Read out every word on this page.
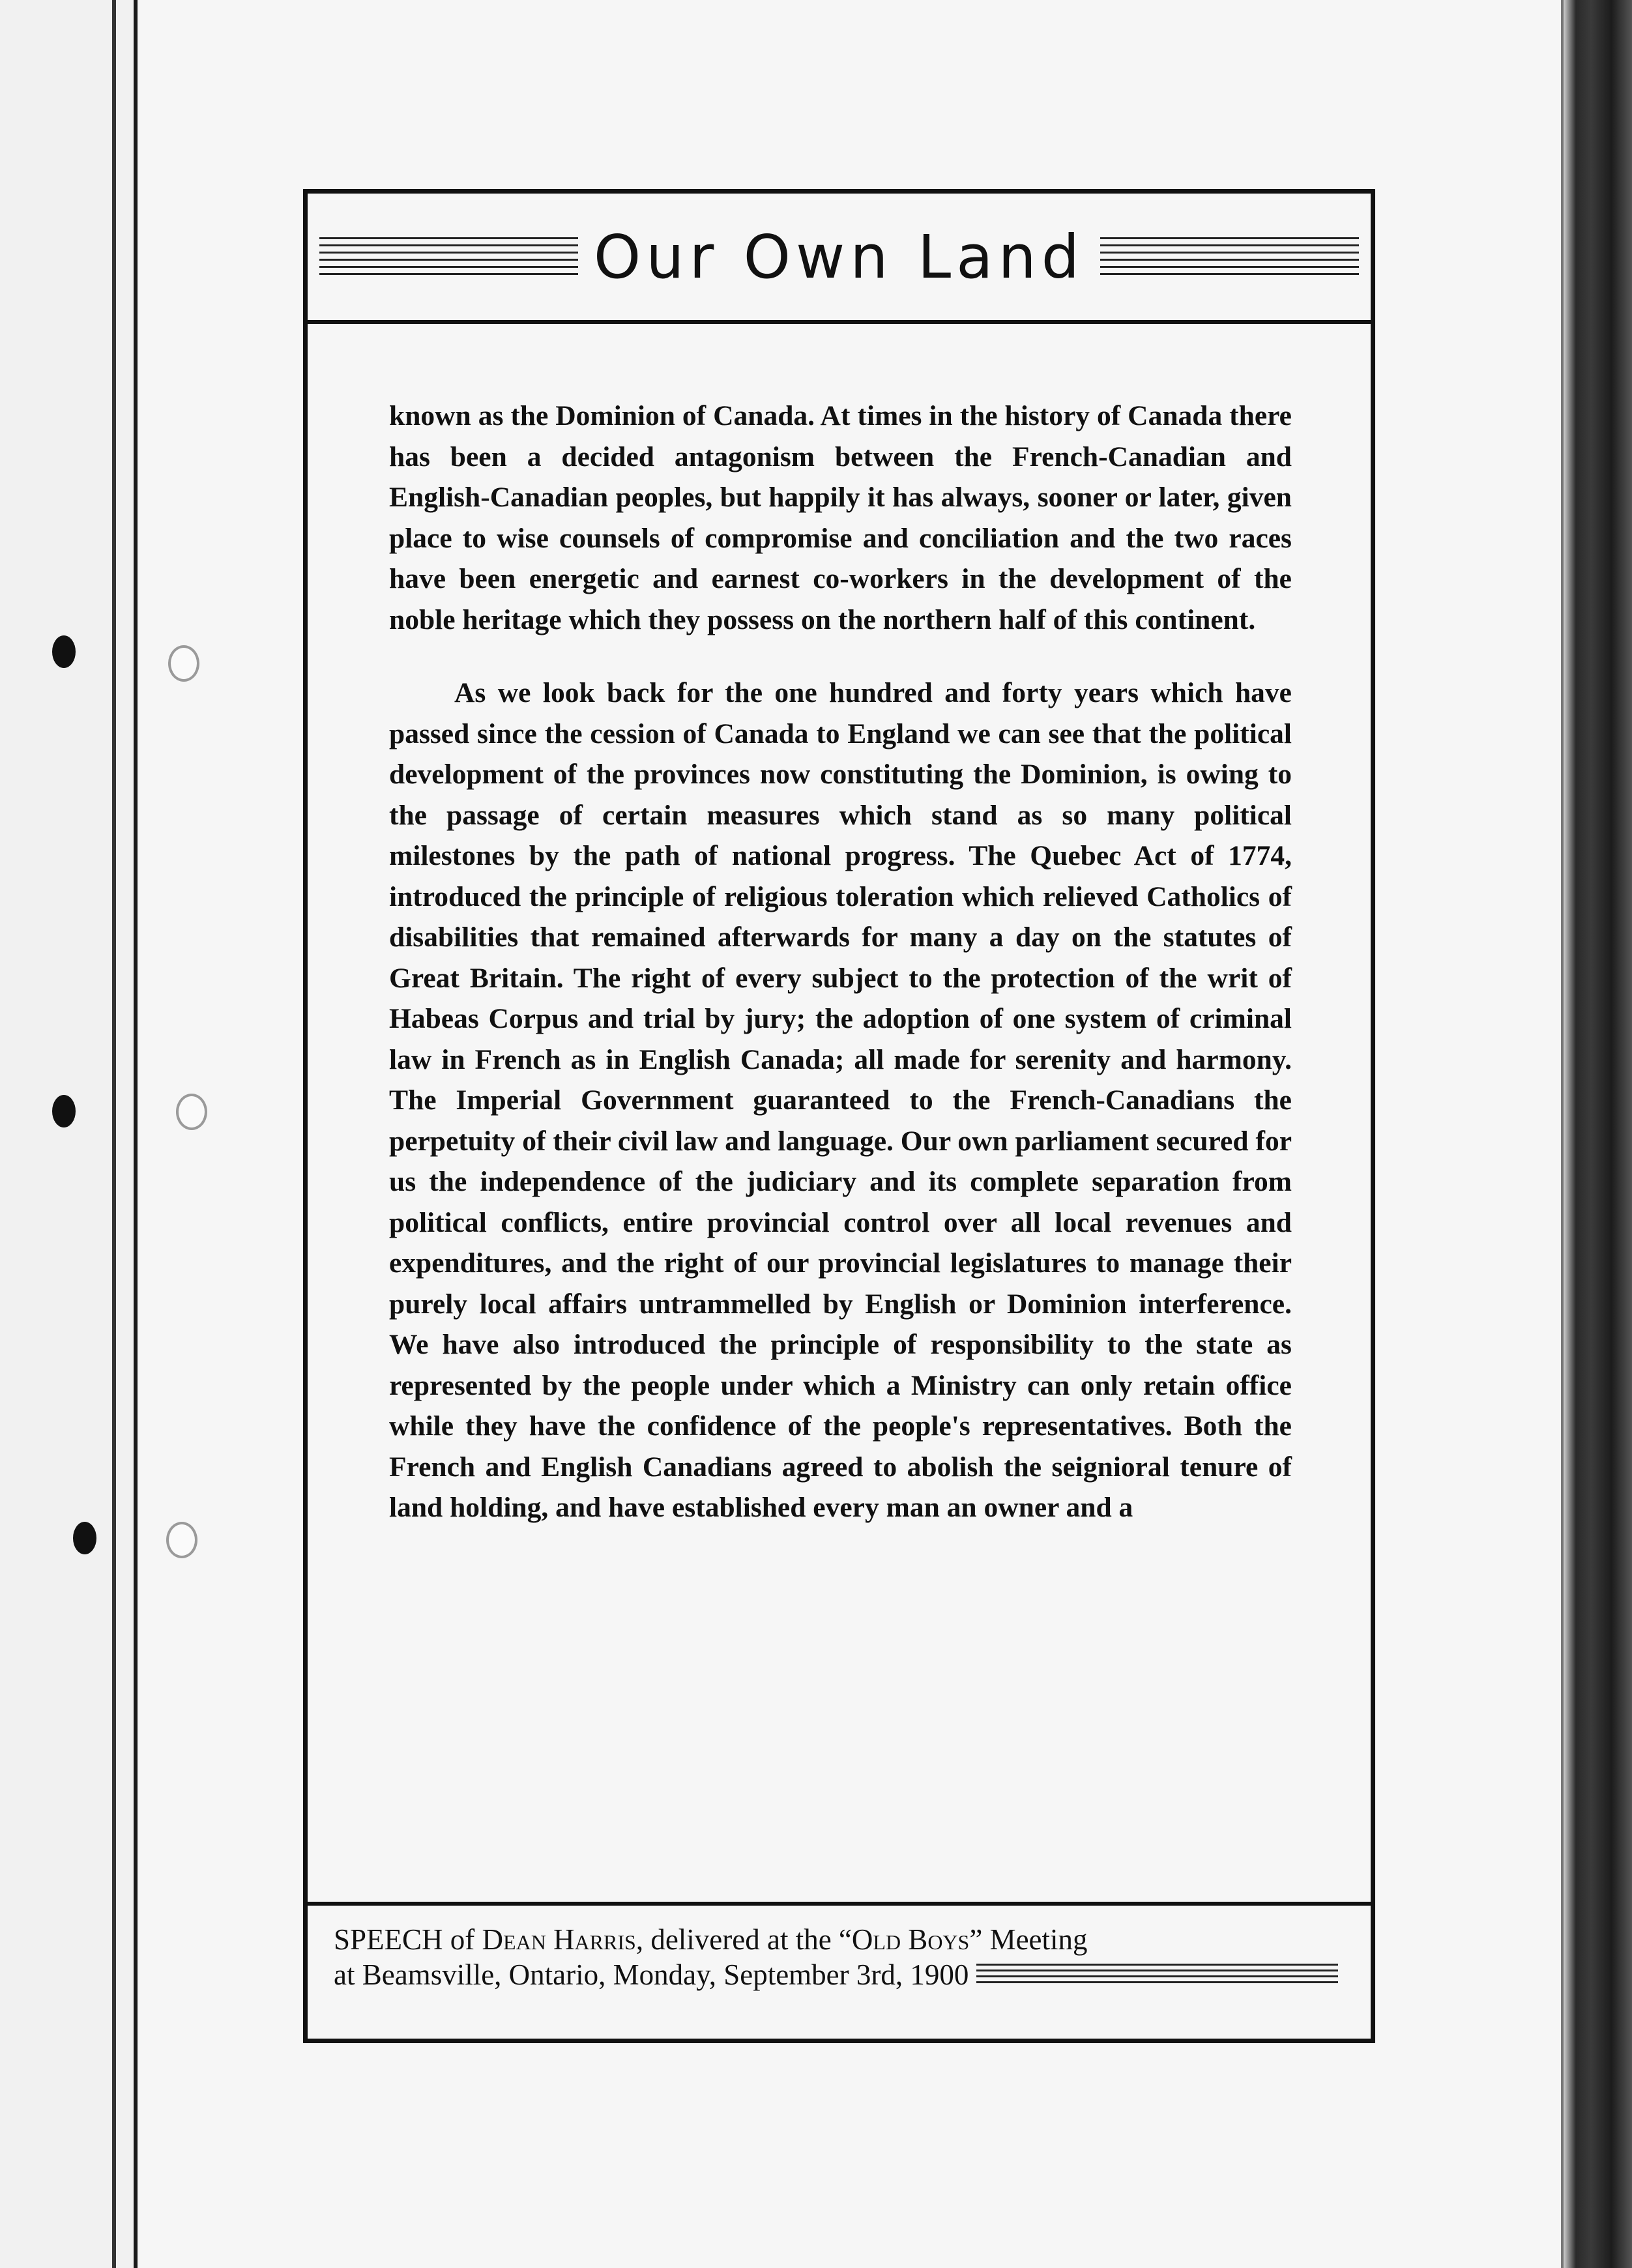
Our Own Land

known as the Dominion of Canada. At times in the history of Canada there has been a decided antagonism between the French-Canadian and English-Canadian peoples, but happily it has always, sooner or later, given place to wise counsels of compromise and conciliation and the two races have been energetic and earnest co-workers in the development of the noble heritage which they possess on the northern half of this continent.

As we look back for the one hundred and forty years which have passed since the cession of Canada to England we can see that the political development of the provinces now constituting the Dominion, is owing to the passage of certain measures which stand as so many political milestones by the path of national progress. The Quebec Act of 1774, introduced the principle of religious toleration which relieved Catholics of disabilities that remained afterwards for many a day on the statutes of Great Britain. The right of every subject to the protection of the writ of Habeas Corpus and trial by jury; the adoption of one system of criminal law in French as in English Canada; all made for serenity and harmony. The Imperial Government guaranteed to the French-Canadians the perpetuity of their civil law and language. Our own parliament secured for us the independence of the judiciary and its complete separation from political conflicts, entire provincial control over all local revenues and expenditures, and the right of our provincial legislatures to manage their purely local affairs untrammelled by English or Dominion interference. We have also introduced the principle of responsibility to the state as represented by the people under which a Ministry can only retain office while they have the confidence of the people's representatives. Both the French and English Canadians agreed to abolish the seignioral tenure of land holding, and have established every man an owner and a

SPEECH of Dean Harris, delivered at the “Old Boys” Meeting
at Beamsville, Ontario, Monday, September 3rd, 1900
